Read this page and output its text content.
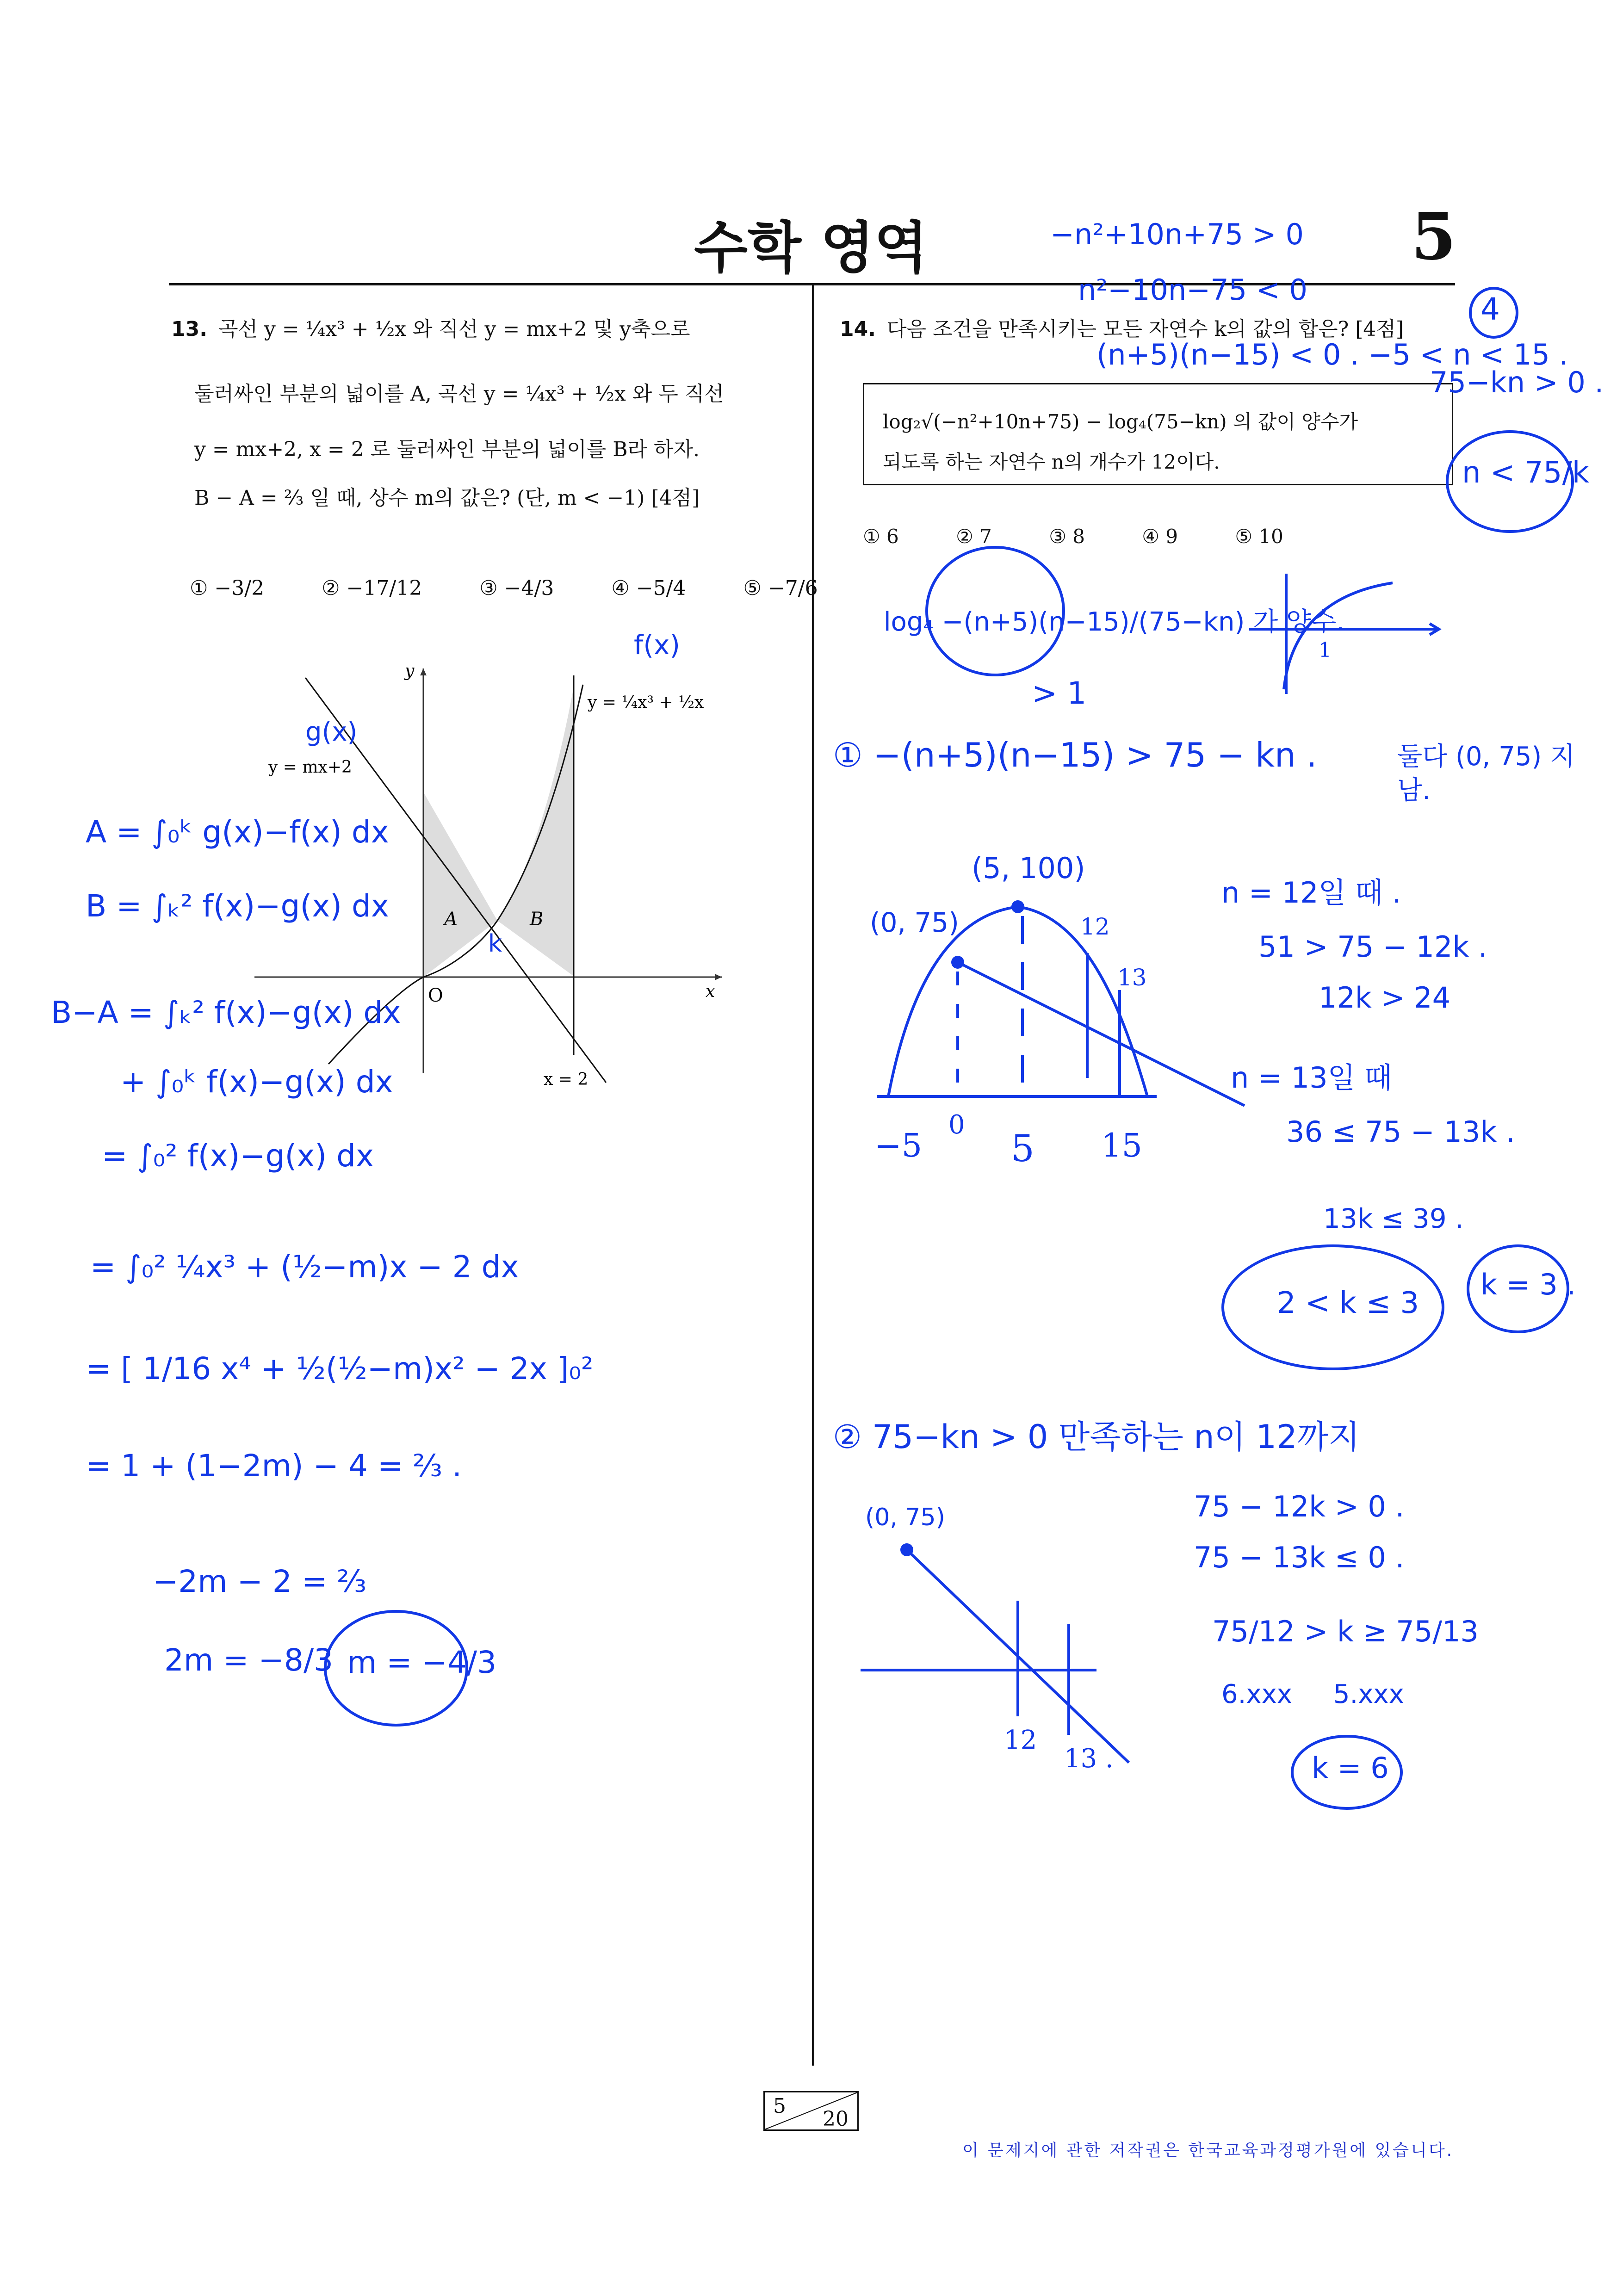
수학 영역	5
13. 곡선 y = ¼x³ + ½x 와 직선 y = mx+2 및 y축으로
둘러싸인 부분의 넓이를 A, 곡선 y = ¼x³ + ½x 와 두 직선
y = mx+2, x = 2 로 둘러싸인 부분의 넓이를 B라 하자.
B − A = ⅔ 일 때, 상수 m의 값은? (단, m < −1) [4점]
① −3/2	② −17/12	③ −4/3	④ −5/4	⑤ −7/6
y
x
O
y = ¼x³ + ½x
y = mx+2
x = 2
A	B
14. 다음 조건을 만족시키는 모든 자연수 k의 값의 합은? [4점]
log₂√(−n²+10n+75) − log₄(75−kn) 의 값이 양수가
되도록 하는 자연수 n의 개수가 12이다.
① 6	② 7	③ 8	④ 9	⑤ 10
5
20
이 문제지에 관한 저작권은 한국교육과정평가원에 있습니다.
−n²+10n+75 > 0
n²−10n−75 < 0
(n+5)(n−15) < 0 . −5 < n < 15 .
75−kn > 0 .
4
n < 75/k
log₄ −(n+5)(n−15)/(75−kn) 가 양수.
> 1
1
f(x)
g(x)
k
A = ∫₀ᵏ g(x)−f(x) dx
B = ∫ₖ² f(x)−g(x) dx
B−A = ∫ₖ² f(x)−g(x) dx
+ ∫₀ᵏ f(x)−g(x) dx
= ∫₀² f(x)−g(x) dx
= ∫₀² ¼x³ + (½−m)x − 2 dx
= [ 1/16 x⁴ + ½(½−m)x² − 2x ]₀²
= 1 + (1−2m) − 4 = ⅔ .
−2m − 2 = ⅔
2m = −8/3 m = −4/3
① −(n+5)(n−15) > 75 − kn .	둘다 (0, 75) 지남.
(5, 100)
(0, 75)	12
13
−5
0
5 15
n = 12일 때 .
51 > 75 − 12k .
12k > 24
n = 13일 때
36 ≤ 75 − 13k .
13k ≤ 39 .
2 < k ≤ 3
k = 3 .
② 75−kn > 0 만족하는 n이 12까지
(0, 75)
12
13 .
75 − 12k > 0 .
75 − 13k ≤ 0 .
75/12 > k ≥ 75/13
6.xxx     5.xxx
k = 6
